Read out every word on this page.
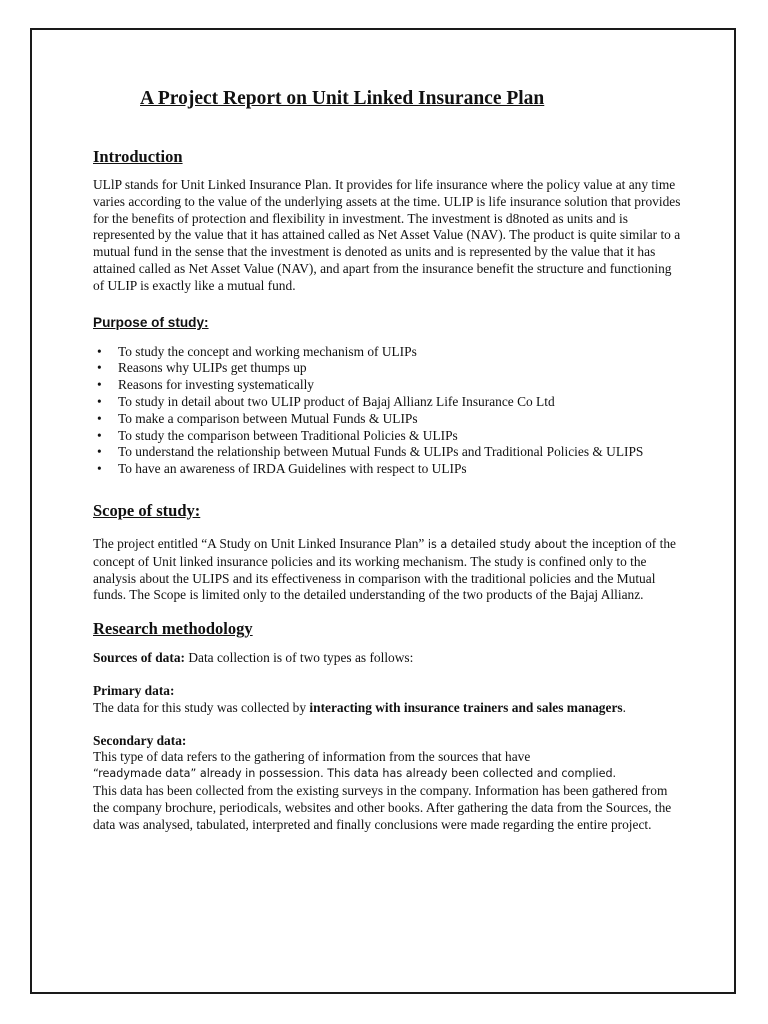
A Project Report on Unit Linked Insurance Plan
Introduction

ULlP stands for Unit Linked Insurance Plan. It provides for life insurance where the policy value at any time varies according to the value of the underlying assets at the time. ULIP is life insurance solution that provides for the benefits of protection and flexibility in investment. The investment is d8noted as units and is represented by the value that it has attained called as Net Asset Value (NAV). The product is quite similar to a mutual fund in the sense that the investment is denoted as units and is represented by the value that it has attained called as Net Asset Value (NAV), and apart from the insurance benefit the structure and functioning of ULIP is exactly like a mutual fund.

Purpose of study:
• To study the concept and working mechanism of ULIPs
• Reasons why ULIPs get thumps up
• Reasons for investing systematically
• To study in detail about two ULIP product of Bajaj Allianz Life Insurance Co Ltd
• To make a comparison between Mutual Funds & ULIPs
• To study the comparison between Traditional Policies & ULIPs
• To understand the relationship between Mutual Funds & ULIPs and Traditional Policies & ULIPS
• To have an awareness of IRDA Guidelines with respect to ULIPs
Scope of study:

The project entitled “A Study on Unit Linked Insurance Plan” is a detailed study about the inception of the concept of Unit linked insurance policies and its working mechanism. The study is confined only to the analysis about the ULIPS and its effectiveness in comparison with the traditional policies and the Mutual funds. The Scope is limited only to the detailed understanding of the two products of the Bajaj Allianz.

Research methodology

Sources of data: Data collection is of two types as follows:

Primary data:

The data for this study was collected by interacting with insurance trainers and sales managers.

Secondary data:

This type of data refers to the gathering of information from the sources that have

“readymade data” already in possession. This data has already been collected and complied.

This data has been collected from the existing surveys in the company. Information has been gathered from the company brochure, periodicals, websites and other books. After gathering the data from the Sources, the data was analysed, tabulated, interpreted and finally conclusions were made regarding the entire project.
